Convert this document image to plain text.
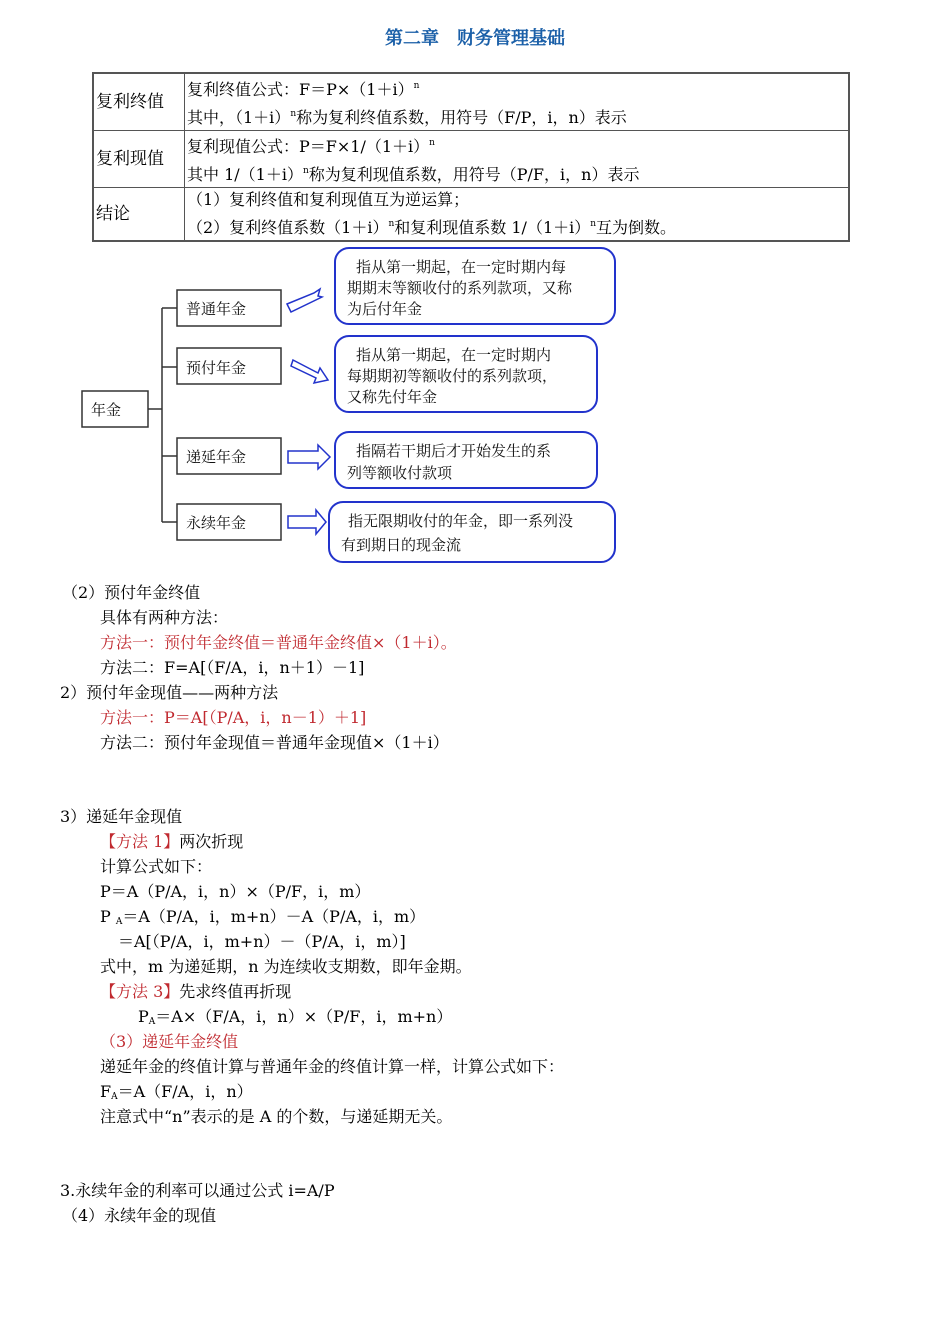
第二章　财务管理基础
复利终值	复利终值公式：$F=P\times(1+i)^n$
其中，$(1+i)^n$称为复利终值系数，用符号（F/P，i，n）表示

复利现值	复利现值公式：$P=F\times 1/(1+i)^n$
其中 $1/(1+i)^n$称为复利现值系数，用符号（P/F，i，n）表示

结论	（1）复利终值和复利现值互为逆运算；
（2）复利终值系数$(1+i)^n$和复利现值系数 $1/(1+i)^n$互为倒数。
年金
普通年金
指从第一期起，在一定时期内每
期期末等额收付的系列款项，又称
为后付年金
预付年金
指从第一期起，在一定时期内
每期期初等额收付的系列款项，
又称先付年金
递延年金	指隔若干期后才开始发生的系
列等额收付款项
永续年金	指无限期收付的年金，即一系列没
有到期日的现金流
（2）预付年金终值
具体有两种方法：
方法一：预付年金终值＝普通年金终值×（1＋i）。
方法二：F=A[（F/A，i，n＋1）－1]
2）预付年金现值——两种方法
方法一：P＝A[（P/A，i，n－1）＋1]
方法二：预付年金现值＝普通年金现值×（1＋i）
3）递延年金现值
【方法 1】两次折现
计算公式如下：
P＝A（P/A，i，n）×（P/F，i，m）
P $_A$＝A（P/A，i，m+n）－A（P/A，i，m）
＝A[（P/A，i，m+n）－（P/A，i，m）]
式中，m 为递延期，n 为连续收支期数，即年金期。
【方法 3】先求终值再折现
$P_A=A\times(F/A$，i，n）×（P/F，i，m+n）
（3）递延年金终值
递延年金的终值计算与普通年金的终值计算一样，计算公式如下：
$F_A=A(F/A$，i，n）
注意式中“n”表示的是 A 的个数，与递延期无关。
3.永续年金的利率可以通过公式 i=A/P
（4）永续年金的现值
